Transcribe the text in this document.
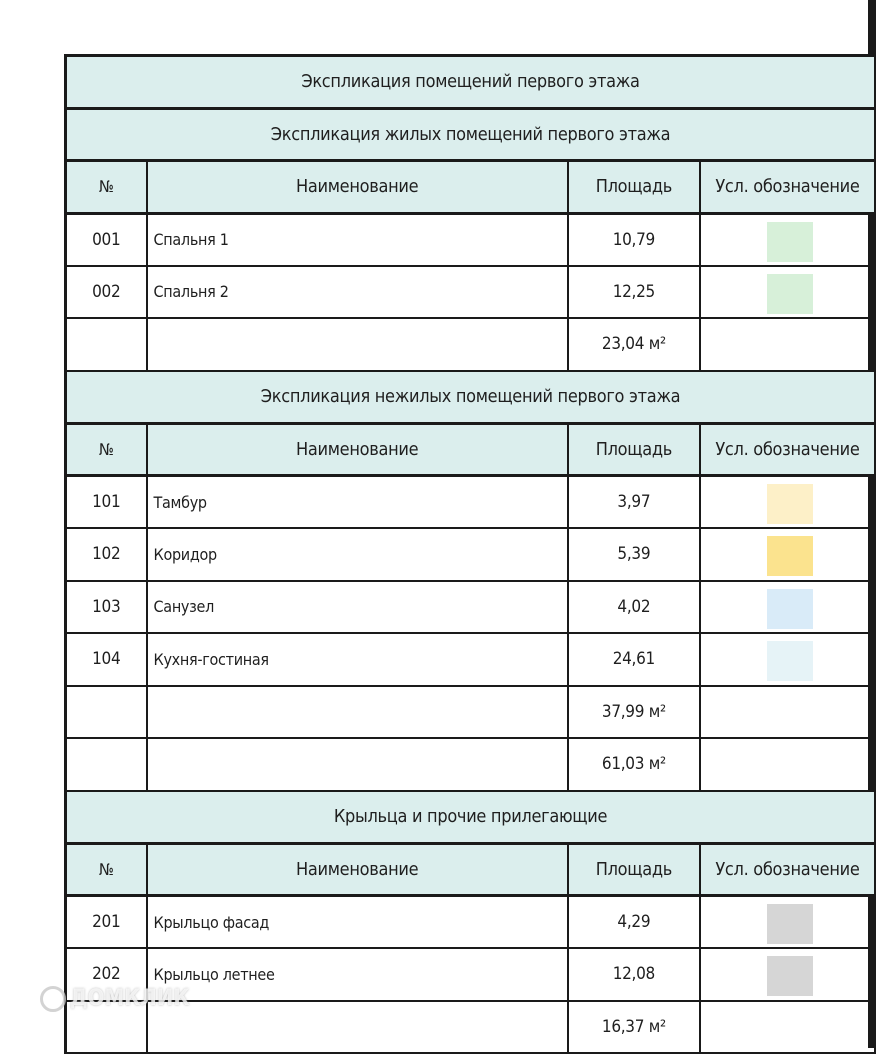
Экспликация помещений первого этажа			
Экспликация жилых помещений первого этажа			
№	Наименование	Площадь	Усл. обозначение
001	Спальня 1	10,79	

002	Спальня 2	12,25	

		23,04 м²	
Экспликация нежилых помещений первого этажа			
№	Наименование	Площадь	Усл. обозначение
101	Тамбур	3,97	

102	Коридор	5,39	

103	Санузел	4,02	

104	Кухня-гостиная	24,61	

		37,99 м²	
		61,03 м²	
Крыльца и прочие прилегающие			
№	Наименование	Площадь	Усл. обозначение
201	Крыльцо фасад	4,29	

202	Крыльцо летнее	12,08	

		16,37 м²	
ДОМКЛИК
